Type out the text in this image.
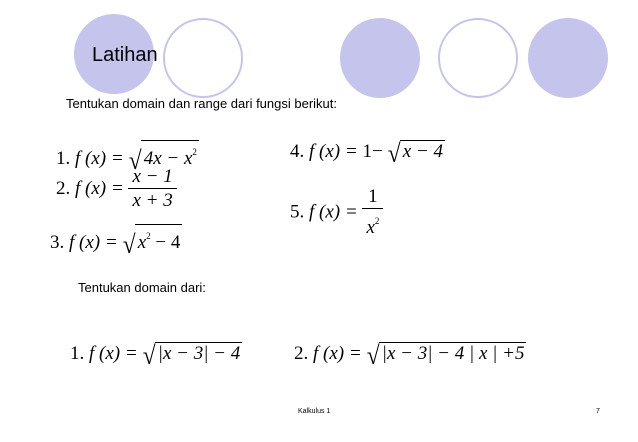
Latihan
Tentukan domain dan range dari fungsi berikut:
1. f $(x) = √4x - x^2$
2. f $(x) = \frac{x - 1}{x + 3}$
3. f $(x) = √x^2 - 4$
4. f (x) = 1− √x − 4
5. f $(x) = \frac{1}{x^2}$
Tentukan domain dari:
1. f (x) = √|x − 3| − 4	2. f (x) = √|x − 3| − 4 | x | +5
Kalkulus 1	7
